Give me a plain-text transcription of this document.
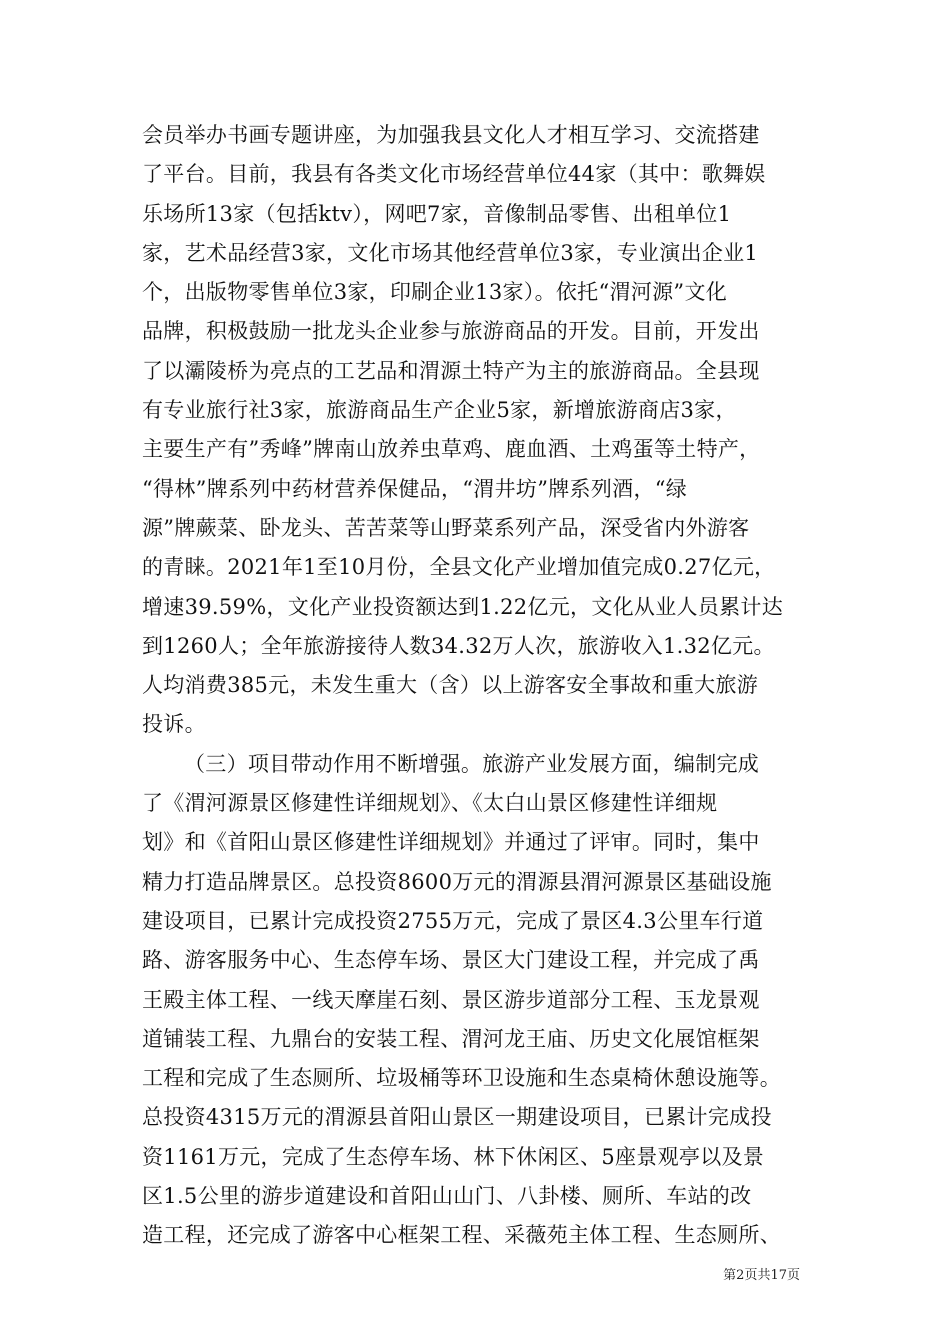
会员举办书画专题讲座，为加强我县文化人才相互学习、交流搭建
了平台。目前，我县有各类文化市场经营单位44家（其中：歌舞娱
乐场所13家（包括ktv），网吧7家，音像制品零售、出租单位1
家，艺术品经营3家，文化市场其他经营单位3家，专业演出企业1
个，出版物零售单位3家，印刷企业13家）。依托“渭河源”文化
品牌，积极鼓励一批龙头企业参与旅游商品的开发。目前，开发出
了以灞陵桥为亮点的工艺品和渭源土特产为主的旅游商品。全县现
有专业旅行社3家，旅游商品生产企业5家，新增旅游商店3家，
主要生产有”秀峰”牌南山放养虫草鸡、鹿血酒、土鸡蛋等土特产，
“得林”牌系列中药材营养保健品，“渭井坊”牌系列酒，“绿
源”牌蕨菜、卧龙头、苦苦菜等山野菜系列产品，深受省内外游客
的青睐。2021年1至10月份，全县文化产业增加值完成0.27亿元，
增速39.59%，文化产业投资额达到1.22亿元，文化从业人员累计达
到1260人；全年旅游接待人数34.32万人次，旅游收入1.32亿元。
人均消费385元，未发生重大（含）以上游客安全事故和重大旅游
投诉。
（三）项目带动作用不断增强。旅游产业发展方面，编制完成
了《渭河源景区修建性详细规划》、《太白山景区修建性详细规
划》和《首阳山景区修建性详细规划》并通过了评审。同时，集中
精力打造品牌景区。总投资8600万元的渭源县渭河源景区基础设施
建设项目，已累计完成投资2755万元，完成了景区4.3公里车行道
路、游客服务中心、生态停车场、景区大门建设工程，并完成了禹
王殿主体工程、一线天摩崖石刻、景区游步道部分工程、玉龙景观
道铺装工程、九鼎台的安装工程、渭河龙王庙、历史文化展馆框架
工程和完成了生态厕所、垃圾桶等环卫设施和生态桌椅休憩设施等。
总投资4315万元的渭源县首阳山景区一期建设项目，已累计完成投
资1161万元，完成了生态停车场、林下休闲区、5座景观亭以及景
区1.5公里的游步道建设和首阳山山门、八卦楼、厕所、车站的改
造工程，还完成了游客中心框架工程、采薇苑主体工程、生态厕所、
第2页共17页
